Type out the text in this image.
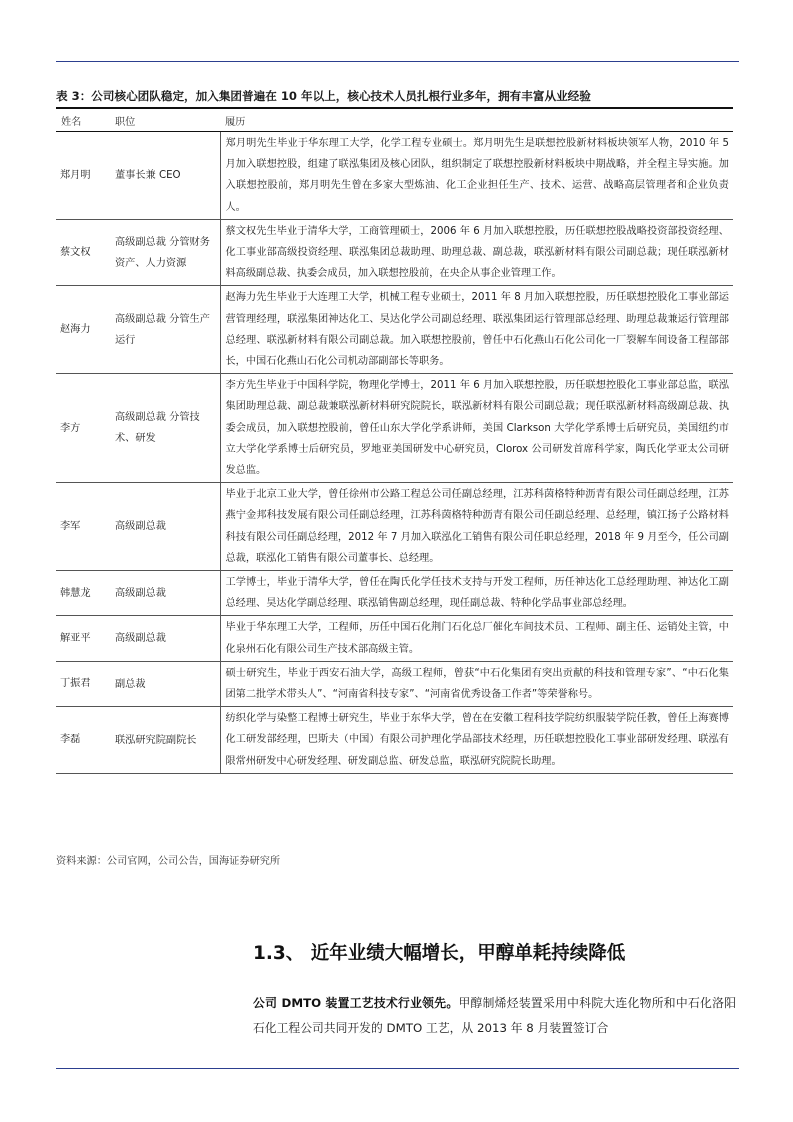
表 3：公司核心团队稳定，加入集团普遍在 10 年以上，核心技术人员扎根行业多年，拥有丰富从业经验
姓名	职位	履历
郑月明	董事长兼 CEO	郑月明先生毕业于华东理工大学，化学工程专业硕士。郑月明先生是联想控股新材料板块领军人物，2010 年 5 月加入联想控股，组建了联泓集团及核心团队，组织制定了联想控股新材料板块中期战略，并全程主导实施。加入联想控股前，郑月明先生曾在多家大型炼油、化工企业担任生产、技术、运营、战略高层管理者和企业负责人。
蔡文权	高级副总裁 分管财务资产、人力资源	蔡文权先生毕业于清华大学，工商管理硕士，2006 年 6 月加入联想控股，历任联想控股战略投资部投资经理、化工事业部高级投资经理、联泓集团总裁助理、助理总裁、副总裁，联泓新材料有限公司副总裁；现任联泓新材料高级副总裁、执委会成员，加入联想控股前，在央企从事企业管理工作。
赵海力	高级副总裁 分管生产运行	赵海力先生毕业于大连理工大学，机械工程专业硕士，2011 年 8 月加入联想控股，历任联想控股化工事业部运营管理经理，联泓集团神达化工、昊达化学公司副总经理、联泓集团运行管理部总经理、助理总裁兼运行管理部总经理、联泓新材料有限公司副总裁。加入联想控股前，曾任中石化燕山石化公司化一厂裂解车间设备工程部部长，中国石化燕山石化公司机动部副部长等职务。
李方	高级副总裁 分管技术、研发	李方先生毕业于中国科学院，物理化学博士，2011 年 6 月加入联想控股，历任联想控股化工事业部总监，联泓集团助理总裁、副总裁兼联泓新材料研究院院长，联泓新材料有限公司副总裁；现任联泓新材料高级副总裁、执委会成员，加入联想控股前，曾任山东大学化学系讲师，美国 Clarkson 大学化学系博士后研究员，美国纽约市立大学化学系博士后研究员，罗地亚美国研发中心研究员，Clorox 公司研发首席科学家，陶氏化学亚太公司研发总监。
李军	高级副总裁	毕业于北京工业大学，曾任徐州市公路工程总公司任副总经理，江苏科茵格特种沥青有限公司任副总经理，江苏燕宁金邦科技发展有限公司任副总经理，江苏科茵格特种沥青有限公司任副总经理、总经理，镇江扬子公路材料科技有限公司任副总经理，2012 年 7 月加入联泓化工销售有限公司任职总经理，2018 年 9 月至今，任公司副总裁，联泓化工销售有限公司董事长、总经理。
韩慧龙	高级副总裁	工学博士，毕业于清华大学，曾任在陶氏化学任技术支持与开发工程师，历任神达化工总经理助理、神达化工副总经理、昊达化学副总经理、联泓销售副总经理，现任副总裁、特种化学品事业部总经理。
解亚平	高级副总裁	毕业于华东理工大学，工程师，历任中国石化荆门石化总厂催化车间技术员、工程师、副主任、运销处主管，中化泉州石化有限公司生产技术部高级主管。
丁振君	副总裁	硕士研究生，毕业于西安石油大学，高级工程师，曾获“中石化集团有突出贡献的科技和管理专家”、“中石化集团第二批学术带头人”、“河南省科技专家”、“河南省优秀设备工作者”等荣誉称号。
李磊	联泓研究院副院长	纺织化学与染整工程博士研究生，毕业于东华大学，曾在在安徽工程科技学院纺织服装学院任教，曾任上海赛博化工研发部经理，巴斯夫（中国）有限公司护理化学品部技术经理，历任联想控股化工事业部研发经理、联泓有限常州研发中心研发经理、研发副总监、研发总监，联泓研究院院长助理。
资料来源：公司官网，公司公告，国海证券研究所
1.3、 近年业绩大幅增长，甲醇单耗持续降低
公司 DMTO 装置工艺技术行业领先。甲醇制烯烃装置采用中科院大连化物所和中石化洛阳石化工程公司共同开发的 DMTO 工艺，从 2013 年 8 月装置签订合
